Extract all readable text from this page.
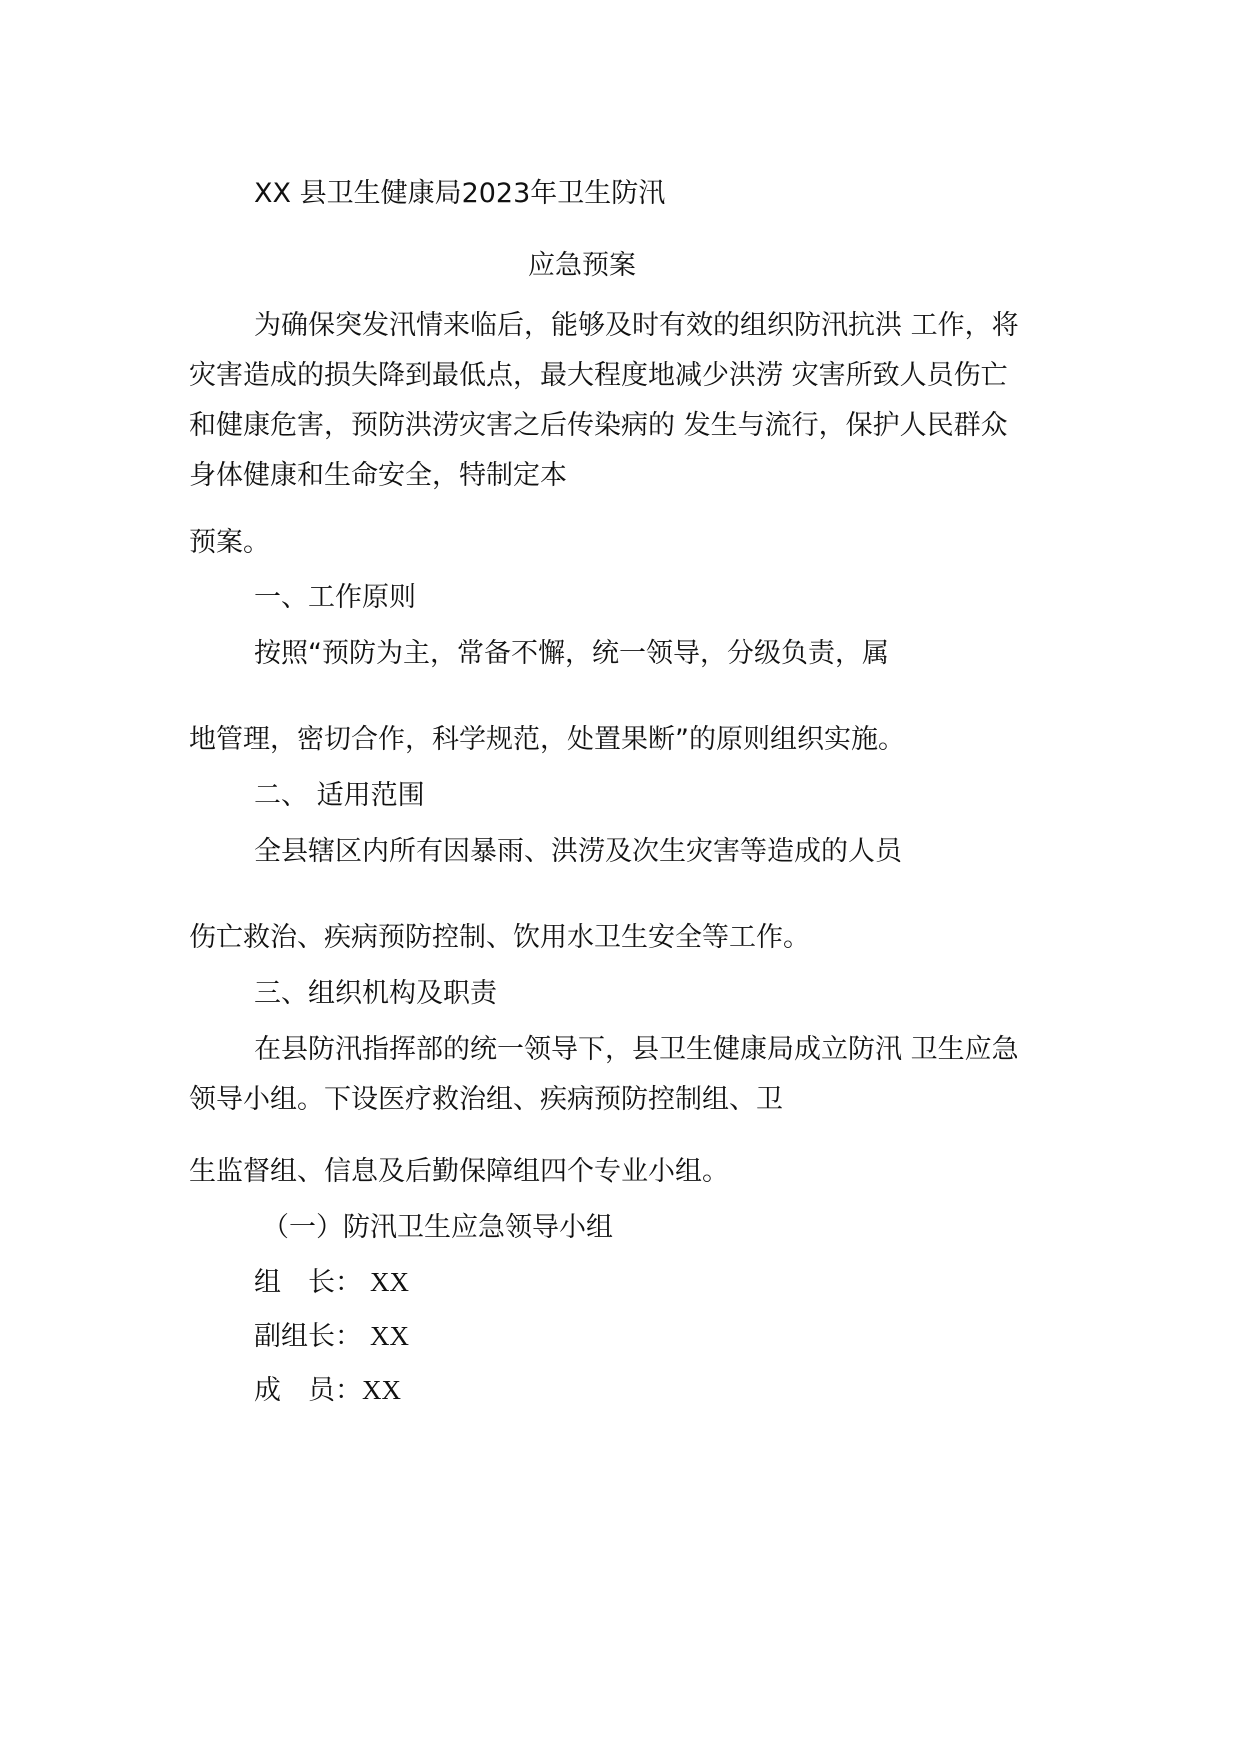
XX 县卫生健康局2023年卫生防汛

应急预案

为确保突发汛情来临后，能够及时有效的组织防汛抗洪 工作，将

灾害造成的损失降到最低点，最大程度地减少洪涝 灾害所致人员伤亡

和健康危害，预防洪涝灾害之后传染病的 发生与流行，保护人民群众

身体健康和生命安全，特制定本

预案。

一、工作原则

按照“预防为主，常备不懈，统一领导，分级负责，属

地管理，密切合作，科学规范，处置果断”的原则组织实施。

二、 适用范围

全县辖区内所有因暴雨、洪涝及次生灾害等造成的人员

伤亡救治、疾病预防控制、饮用水卫生安全等工作。

三、组织机构及职责

在县防汛指挥部的统一领导下，县卫生健康局成立防汛 卫生应急

领导小组。下设医疗救治组、疾病预防控制组、卫

生监督组、信息及后勤保障组四个专业小组。

（一）防汛卫生应急领导小组

组　长： XX

副组长： XX

成　员：XX
